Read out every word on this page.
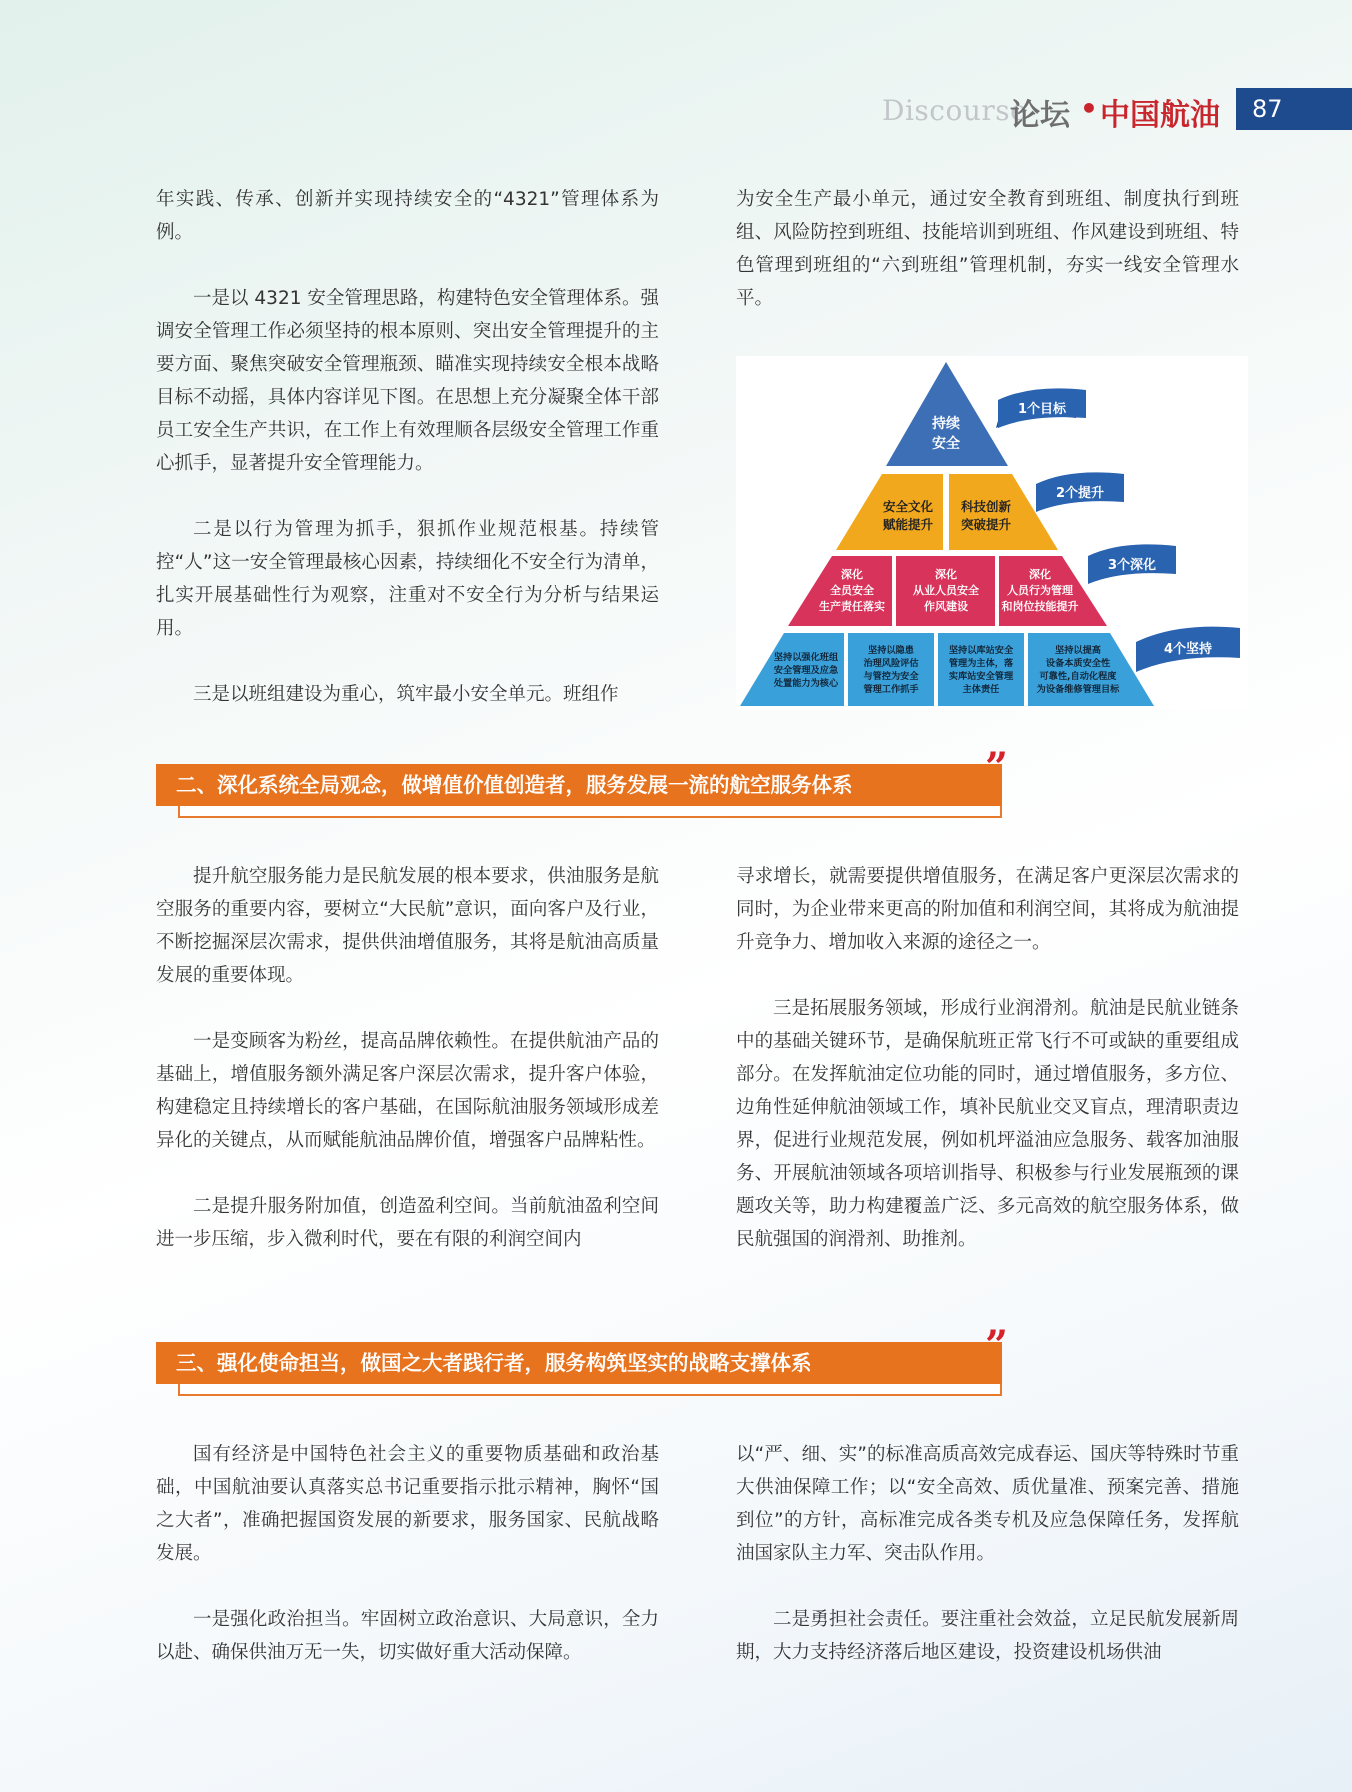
Discourse
论坛 • 中国航油	87

年实践、传承、创新并实现持续安全的“4321”管理体系为例。

一是以 4321 安全管理思路，构建特色安全管理体系。强调安全管理工作必须坚持的根本原则、突出安全管理提升的主要方面、聚焦突破安全管理瓶颈、瞄准实现持续安全根本战略目标不动摇，具体内容详见下图。在思想上充分凝聚全体干部员工安全生产共识，在工作上有效理顺各层级安全管理工作重心抓手，显著提升安全管理能力。

二是以行为管理为抓手，狠抓作业规范根基。持续管控“人”这一安全管理最核心因素，持续细化不安全行为清单，扎实开展基础性行为观察，注重对不安全行为分析与结果运用。

三是以班组建设为重心，筑牢最小安全单元。班组作

为安全生产最小单元，通过安全教育到班组、制度执行到班组、风险防控到班组、技能培训到班组、作风建设到班组、特色管理到班组的“六到班组”管理机制，夯实一线安全管理水平。

持续
安全
安全文化
赋能提升
科技创新
突破提升
深化
全员安全
生产责任落实
深化
从业人员安全
作风建设
深化
人员行为管理
和岗位技能提升
坚持以强化班组
安全管理及应急
处置能力为核心
坚持以隐患
治理风险评估
与管控为安全
管理工作抓手
坚持以库站安全
管理为主体，落
实库站安全管理
主体责任
坚持以提高
设备本质安全性
可靠性,自动化程度
为设备维修管理目标
1个目标
2个提升
3个深化
4个坚持
二、深化系统全局观念，做增值价值创造者，服务发展一流的航空服务体系	”

提升航空服务能力是民航发展的根本要求，供油服务是航空服务的重要内容，要树立“大民航”意识，面向客户及行业，不断挖掘深层次需求，提供供油增值服务，其将是航油高质量发展的重要体现。

一是变顾客为粉丝，提高品牌依赖性。在提供航油产品的基础上，增值服务额外满足客户深层次需求，提升客户体验，构建稳定且持续增长的客户基础，在国际航油服务领域形成差异化的关键点，从而赋能航油品牌价值，增强客户品牌粘性。

二是提升服务附加值，创造盈利空间。当前航油盈利空间进一步压缩，步入微利时代，要在有限的利润空间内

寻求增长，就需要提供增值服务，在满足客户更深层次需求的同时，为企业带来更高的附加值和利润空间，其将成为航油提升竞争力、增加收入来源的途径之一。

三是拓展服务领域，形成行业润滑剂。航油是民航业链条中的基础关键环节，是确保航班正常飞行不可或缺的重要组成部分。在发挥航油定位功能的同时，通过增值服务，多方位、边角性延伸航油领域工作，填补民航业交叉盲点，理清职责边界，促进行业规范发展，例如机坪溢油应急服务、载客加油服务、开展航油领域各项培训指导、积极参与行业发展瓶颈的课题攻关等，助力构建覆盖广泛、多元高效的航空服务体系，做民航强国的润滑剂、助推剂。

三、强化使命担当，做国之大者践行者，服务构筑坚实的战略支撑体系	”

国有经济是中国特色社会主义的重要物质基础和政治基础，中国航油要认真落实总书记重要指示批示精神，胸怀“国之大者”，准确把握国资发展的新要求，服务国家、民航战略发展。

一是强化政治担当。牢固树立政治意识、大局意识，全力以赴、确保供油万无一失，切实做好重大活动保障。

以“严、细、实”的标准高质高效完成春运、国庆等特殊时节重大供油保障工作；以“安全高效、质优量准、预案完善、措施到位”的方针，高标准完成各类专机及应急保障任务，发挥航油国家队主力军、突击队作用。

二是勇担社会责任。要注重社会效益，立足民航发展新周期，大力支持经济落后地区建设，投资建设机场供油
